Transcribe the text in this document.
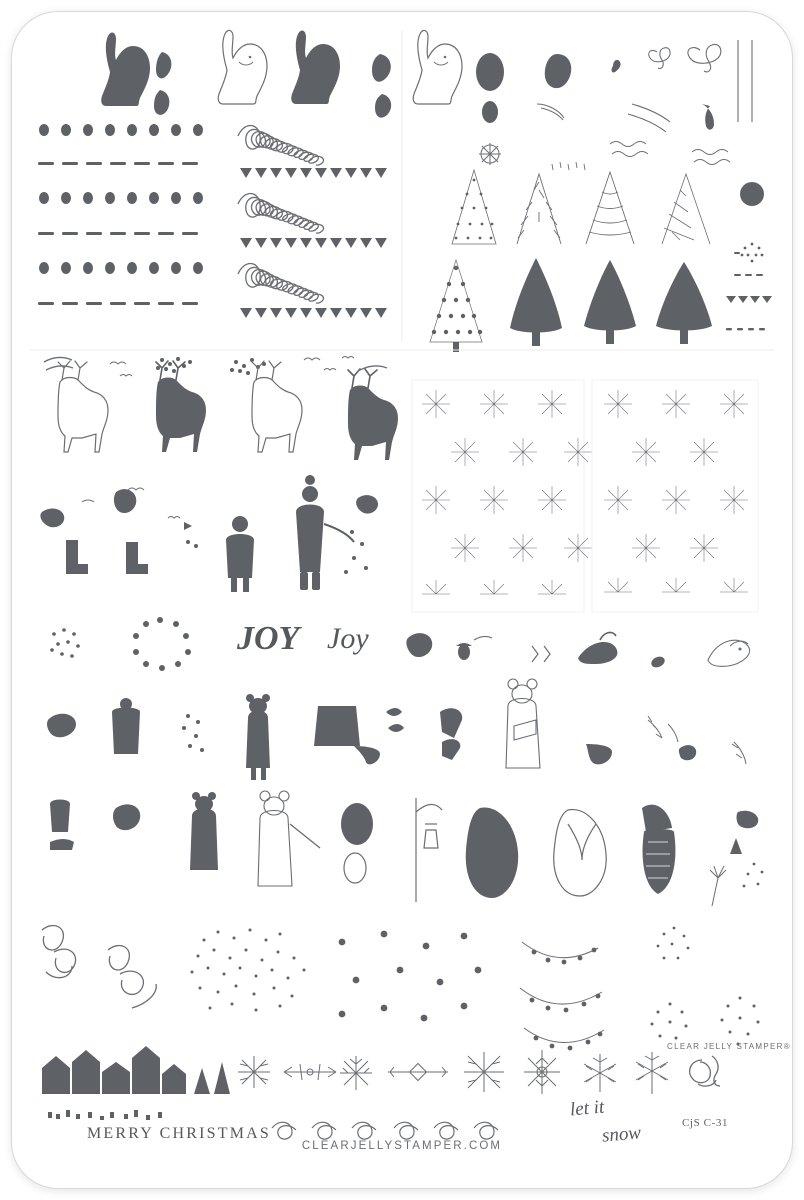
JOY Joy
let it
snow
CLEAR JELLY STAMPER®
CjS C-31
MERRY CHRISTMAS
CLEARJELLYSTAMPER.COM
